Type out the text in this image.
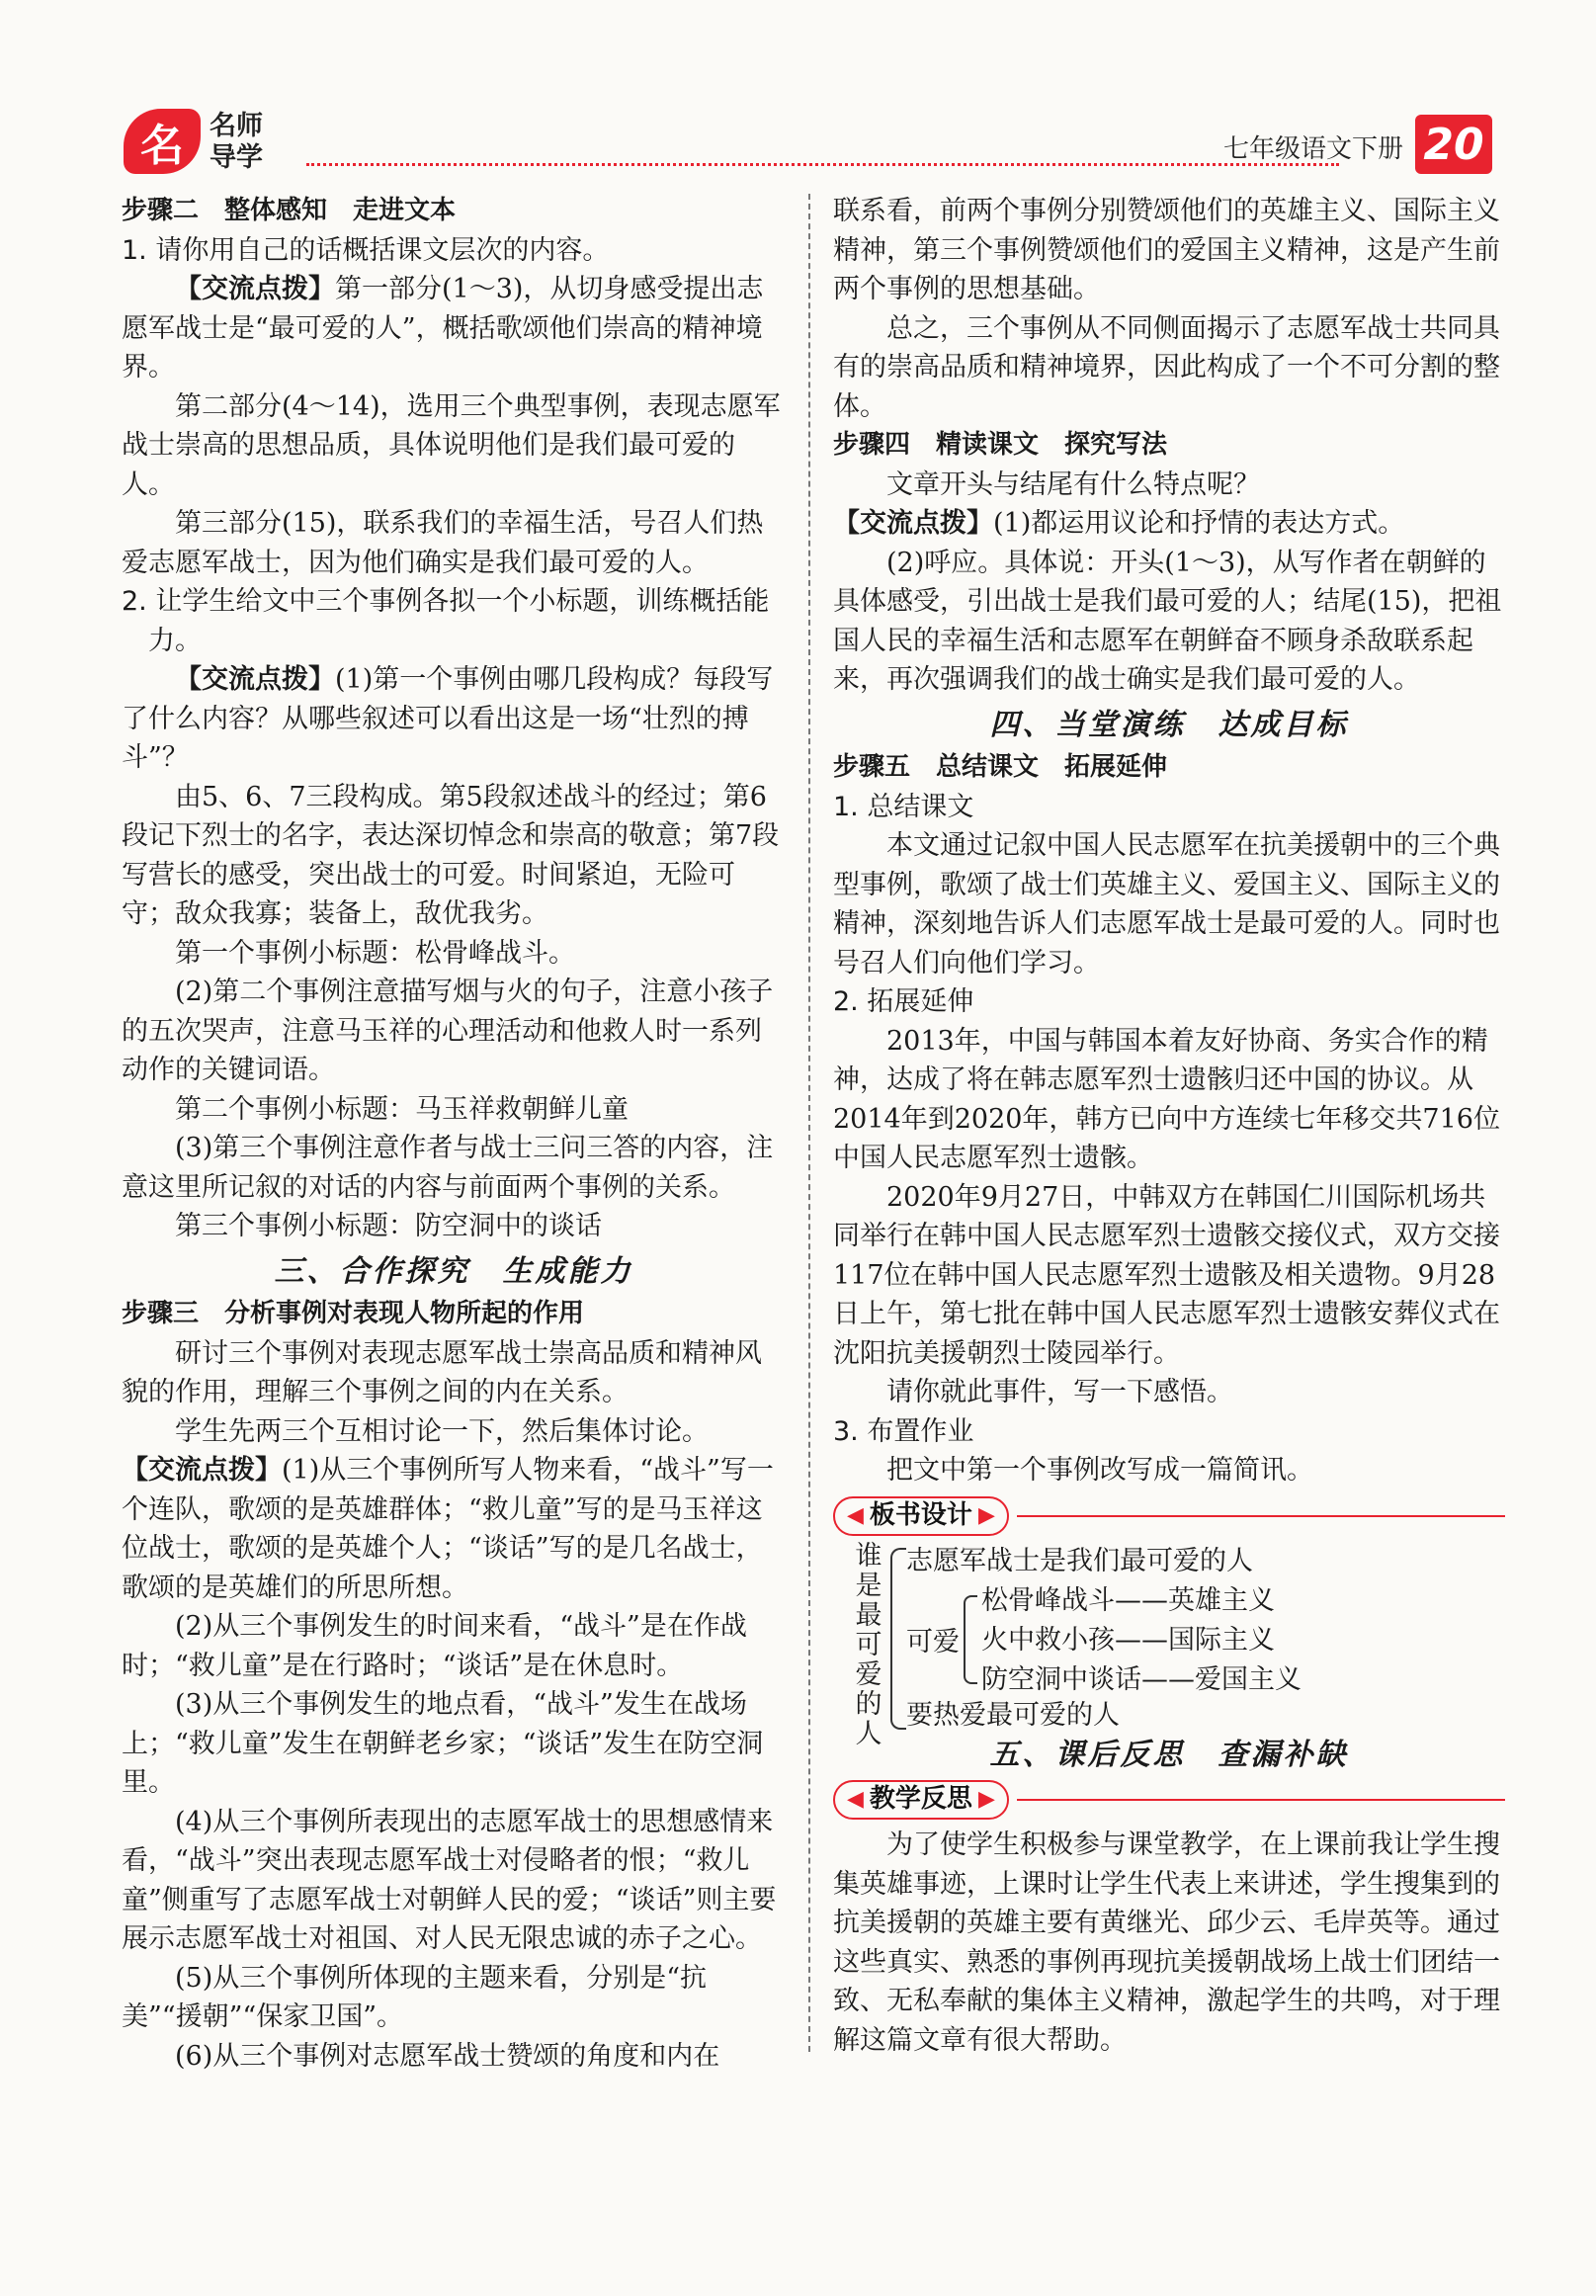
名 名师
导学	七年级语文下册 20

步骤二　整体感知　走进文本

1. 请你用自己的话概括课文层次的内容。

【交流点拨】第一部分(1～3)，从切身感受提出志愿军战士是“最可爱的人”，概括歌颂他们崇高的精神境界。

第二部分(4～14)，选用三个典型事例，表现志愿军战士崇高的思想品质，具体说明他们是我们最可爱的人。

第三部分(15)，联系我们的幸福生活，号召人们热爱志愿军战士，因为他们确实是我们最可爱的人。

2. 让学生给文中三个事例各拟一个小标题，训练概括能力。

【交流点拨】(1)第一个事例由哪几段构成？每段写了什么内容？从哪些叙述可以看出这是一场“壮烈的搏斗”？

由5、6、7三段构成。第5段叙述战斗的经过；第6段记下烈士的名字，表达深切悼念和崇高的敬意；第7段写营长的感受，突出战士的可爱。时间紧迫，无险可守；敌众我寡；装备上，敌优我劣。

第一个事例小标题：松骨峰战斗。

(2)第二个事例注意描写烟与火的句子，注意小孩子的五次哭声，注意马玉祥的心理活动和他救人时一系列动作的关键词语。

第二个事例小标题：马玉祥救朝鲜儿童

(3)第三个事例注意作者与战士三问三答的内容，注意这里所记叙的对话的内容与前面两个事例的关系。

第三个事例小标题：防空洞中的谈话

三、合作探究　生成能力

步骤三　分析事例对表现人物所起的作用

研讨三个事例对表现志愿军战士崇高品质和精神风貌的作用，理解三个事例之间的内在关系。

学生先两三个互相讨论一下，然后集体讨论。

【交流点拨】(1)从三个事例所写人物来看，“战斗”写一个连队，歌颂的是英雄群体；“救儿童”写的是马玉祥这位战士，歌颂的是英雄个人；“谈话”写的是几名战士，歌颂的是英雄们的所思所想。

(2)从三个事例发生的时间来看，“战斗”是在作战时；“救儿童”是在行路时；“谈话”是在休息时。

(3)从三个事例发生的地点看，“战斗”发生在战场上；“救儿童”发生在朝鲜老乡家；“谈话”发生在防空洞里。

(4)从三个事例所表现出的志愿军战士的思想感情来看，“战斗”突出表现志愿军战士对侵略者的恨；“救儿童”侧重写了志愿军战士对朝鲜人民的爱；“谈话”则主要展示志愿军战士对祖国、对人民无限忠诚的赤子之心。

(5)从三个事例所体现的主题来看，分别是“抗美”“援朝”“保家卫国”。

(6)从三个事例对志愿军战士赞颂的角度和内在

联系看，前两个事例分别赞颂他们的英雄主义、国际主义精神，第三个事例赞颂他们的爱国主义精神，这是产生前两个事例的思想基础。

总之，三个事例从不同侧面揭示了志愿军战士共同具有的崇高品质和精神境界，因此构成了一个不可分割的整体。

步骤四　精读课文　探究写法

文章开头与结尾有什么特点呢？

【交流点拨】(1)都运用议论和抒情的表达方式。

(2)呼应。具体说：开头(1～3)，从写作者在朝鲜的具体感受，引出战士是我们最可爱的人；结尾(15)，把祖国人民的幸福生活和志愿军在朝鲜奋不顾身杀敌联系起来，再次强调我们的战士确实是我们最可爱的人。

四、当堂演练　达成目标

步骤五　总结课文　拓展延伸

1. 总结课文

本文通过记叙中国人民志愿军在抗美援朝中的三个典型事例，歌颂了战士们英雄主义、爱国主义、国际主义的精神，深刻地告诉人们志愿军战士是最可爱的人。同时也号召人们向他们学习。

2. 拓展延伸

2013年，中国与韩国本着友好协商、务实合作的精神，达成了将在韩志愿军烈士遗骸归还中国的协议。从2014年到2020年，韩方已向中方连续七年移交共716位中国人民志愿军烈士遗骸。

2020年9月27日，中韩双方在韩国仁川国际机场共同举行在韩中国人民志愿军烈士遗骸交接仪式，双方交接117位在韩中国人民志愿军烈士遗骸及相关遗物。9月28日上午，第七批在韩中国人民志愿军烈士遗骸安葬仪式在沈阳抗美援朝烈士陵园举行。

请你就此事件，写一下感悟。

3. 布置作业

把文中第一个事例改写成一篇简讯。

◀ 板书设计 ▶
谁是最可爱的人
志愿军战士是我们最可爱的人
可爱
松骨峰战斗——英雄主义
火中救小孩——国际主义
防空洞中谈话——爱国主义
要热爱最可爱的人

五、课后反思　查漏补缺

◀ 教学反思 ▶

为了使学生积极参与课堂教学，在上课前我让学生搜集英雄事迹，上课时让学生代表上来讲述，学生搜集到的抗美援朝的英雄主要有黄继光、邱少云、毛岸英等。通过这些真实、熟悉的事例再现抗美援朝战场上战士们团结一致、无私奉献的集体主义精神，激起学生的共鸣，对于理解这篇文章有很大帮助。
